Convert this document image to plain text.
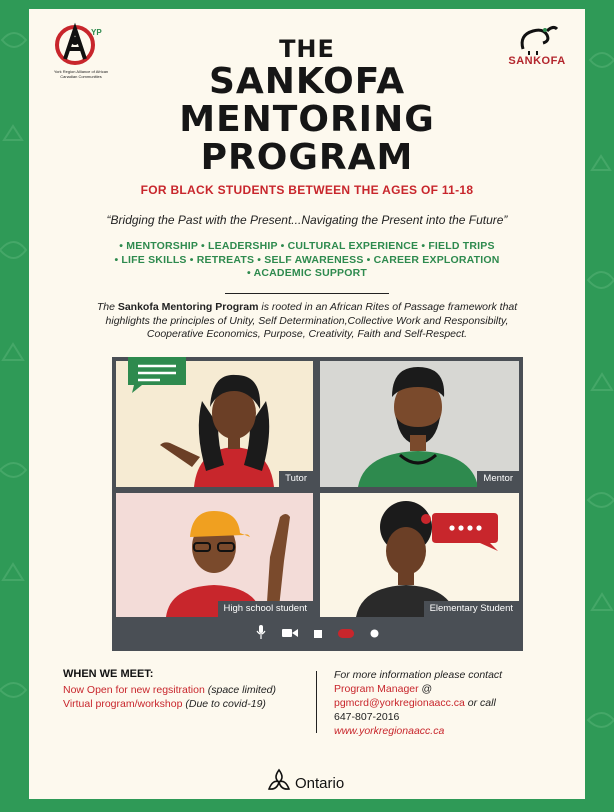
YP
York Region Alliance of African Canadian Communities
SANKOFA
THE
SANKOFA
MENTORING
PROGRAM
FOR BLACK STUDENTS BETWEEN THE AGES OF 11-18
“Bridging the Past with the Present...Navigating the Present into the Future”
• MENTORSHIP • LEADERSHIP • CULTURAL EXPERIENCE • FIELD TRIPS
• LIFE SKILLS • RETREATS • SELF AWARENESS • CAREER EXPLORATION
• ACADEMIC SUPPORT
The Sankofa Mentoring Program is rooted in an African Rites of Passage framework that highlights the principles of Unity, Self Determination,Collective Work and Responsibilty, Cooperative Economics, Purpose, Creativity, Faith and Self-Respect.
Tutor	Mentor
High school student	Elementary Student
WHEN WE MEET:
Now Open for new regsitration (space limited)
Virtual program/workshop (Due to covid-19)
For more information please contact
Program Manager @
pgmcrd@yorkregionaacc.ca or call
647-807-2016
www.yorkregionaacc.ca
Ontario
